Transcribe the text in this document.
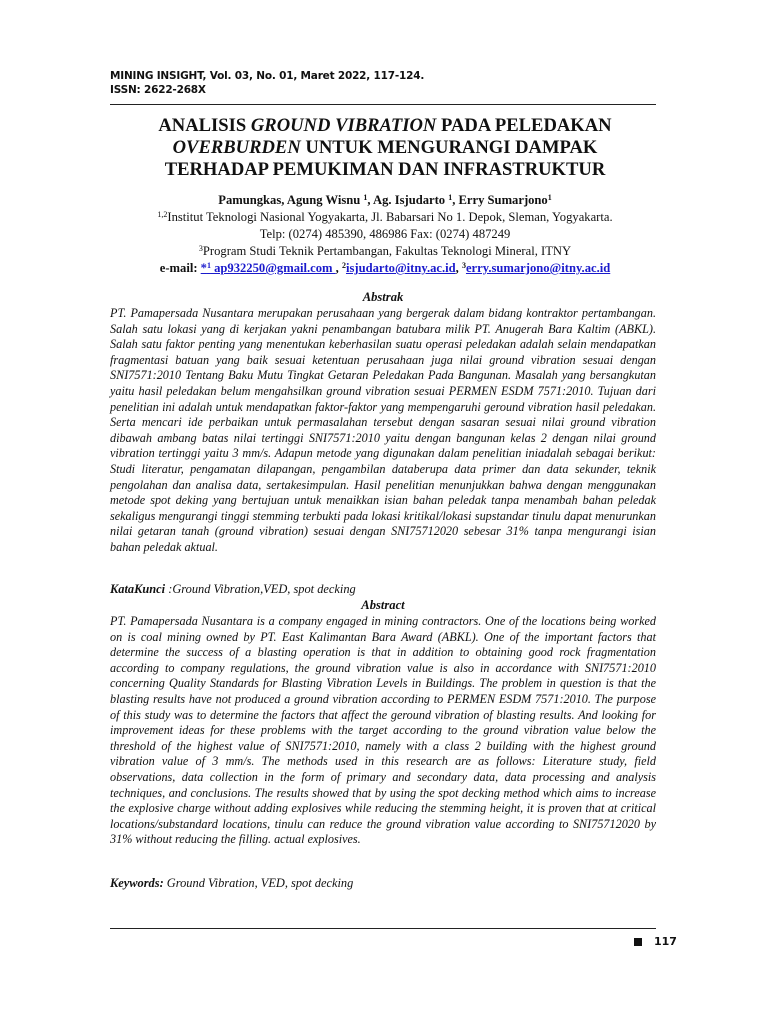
MINING INSIGHT, Vol. 03, No. 01, Maret 2022, 117-124.
ISSN: 2622-268X
ANALISIS GROUND VIBRATION PADA PELEDAKAN
OVERBURDEN UNTUK MENGURANGI DAMPAK
TERHADAP PEMUKIMAN DAN INFRASTRUKTUR
Pamungkas, Agung Wisnu $^1$, Ag. Isjudarto $^1$, Erry Sumarjono$^1$
$^{1,2}$Institut Teknologi Nasional Yogyakarta, Jl. Babarsari No 1. Depok, Sleman, Yogyakarta.
Telp: (0274) 485390, 486986 Fax: (0274) 487249
$^3$Program Studi Teknik Pertambangan, Fakultas Teknologi Mineral, ITNY
e-mail: *$^1$ ap932250@gmail.com , $^2$isjudarto@itny.ac.id, $^3$erry.sumarjono@itny.ac.id
Abstrak

PT. Pamapersada Nusantara merupakan perusahaan yang bergerak dalam bidang kontraktor pertambangan. Salah satu lokasi yang di kerjakan yakni penambangan batubara milik PT. Anugerah Bara Kaltim (ABKL). Salah satu faktor penting yang menentukan keberhasilan suatu operasi peledakan adalah selain mendapatkan fragmentasi batuan yang baik sesuai ketentuan perusahaan juga nilai ground vibration sesuai dengan SNI7571:2010 Tentang Baku Mutu Tingkat Getaran Peledakan Pada Bangunan. Masalah yang bersangkutan yaitu hasil peledakan belum mengahsilkan ground vibration sesuai PERMEN ESDM 7571:2010. Tujuan dari penelitian ini adalah untuk mendapatkan faktor-faktor yang mempengaruhi geround vibration hasil peledakan. Serta mencari ide perbaikan untuk permasalahan tersebut dengan sasaran sesuai nilai ground vibration dibawah ambang batas nilai tertinggi SNI7571:2010 yaitu dengan bangunan kelas 2 dengan nilai ground vibration tertinggi yaitu 3 mm/s. Adapun metode yang digunakan dalam penelitian iniadalah sebagai berikut: Studi literatur, pengamatan dilapangan, pengambilan databerupa data primer dan data sekunder, teknik pengolahan dan analisa data, sertakesimpulan. Hasil penelitian menunjukkan bahwa dengan menggunakan metode spot deking yang bertujuan untuk menaikkan isian bahan peledak tanpa menambah bahan peledak sekaligus mengurangi tinggi stemming terbukti pada lokasi kritikal/lokasi supstandar tinulu dapat menurunkan nilai getaran tanah (ground vibration) sesuai dengan SNI75712020 sebesar 31% tanpa mengurangi isian bahan peledak aktual.

KataKunci :Ground Vibration,VED, spot decking
Abstract

PT. Pamapersada Nusantara is a company engaged in mining contractors. One of the locations being worked on is coal mining owned by PT. East Kalimantan Bara Award (ABKL). One of the important factors that determine the success of a blasting operation is that in addition to obtaining good rock fragmentation according to company regulations, the ground vibration value is also in accordance with SNI7571:2010 concerning Quality Standards for Blasting Vibration Levels in Buildings. The problem in question is that the blasting results have not produced a ground vibration according to PERMEN ESDM 7571:2010. The purpose of this study was to determine the factors that affect the geround vibration of blasting results. And looking for improvement ideas for these problems with the target according to the ground vibration value below the threshold of the highest value of SNI7571:2010, namely with a class 2 building with the highest ground vibration value of 3 mm/s. The methods used in this research are as follows: Literature study, field observations, data collection in the form of primary and secondary data, data processing and analysis techniques, and conclusions. The results showed that by using the spot decking method which aims to increase the explosive charge without adding explosives while reducing the stemming height, it is proven that at critical locations/substandard locations, tinulu can reduce the ground vibration value according to SNI75712020 by 31% without reducing the filling. actual explosives.

Keywords: Ground Vibration, VED, spot decking
117
